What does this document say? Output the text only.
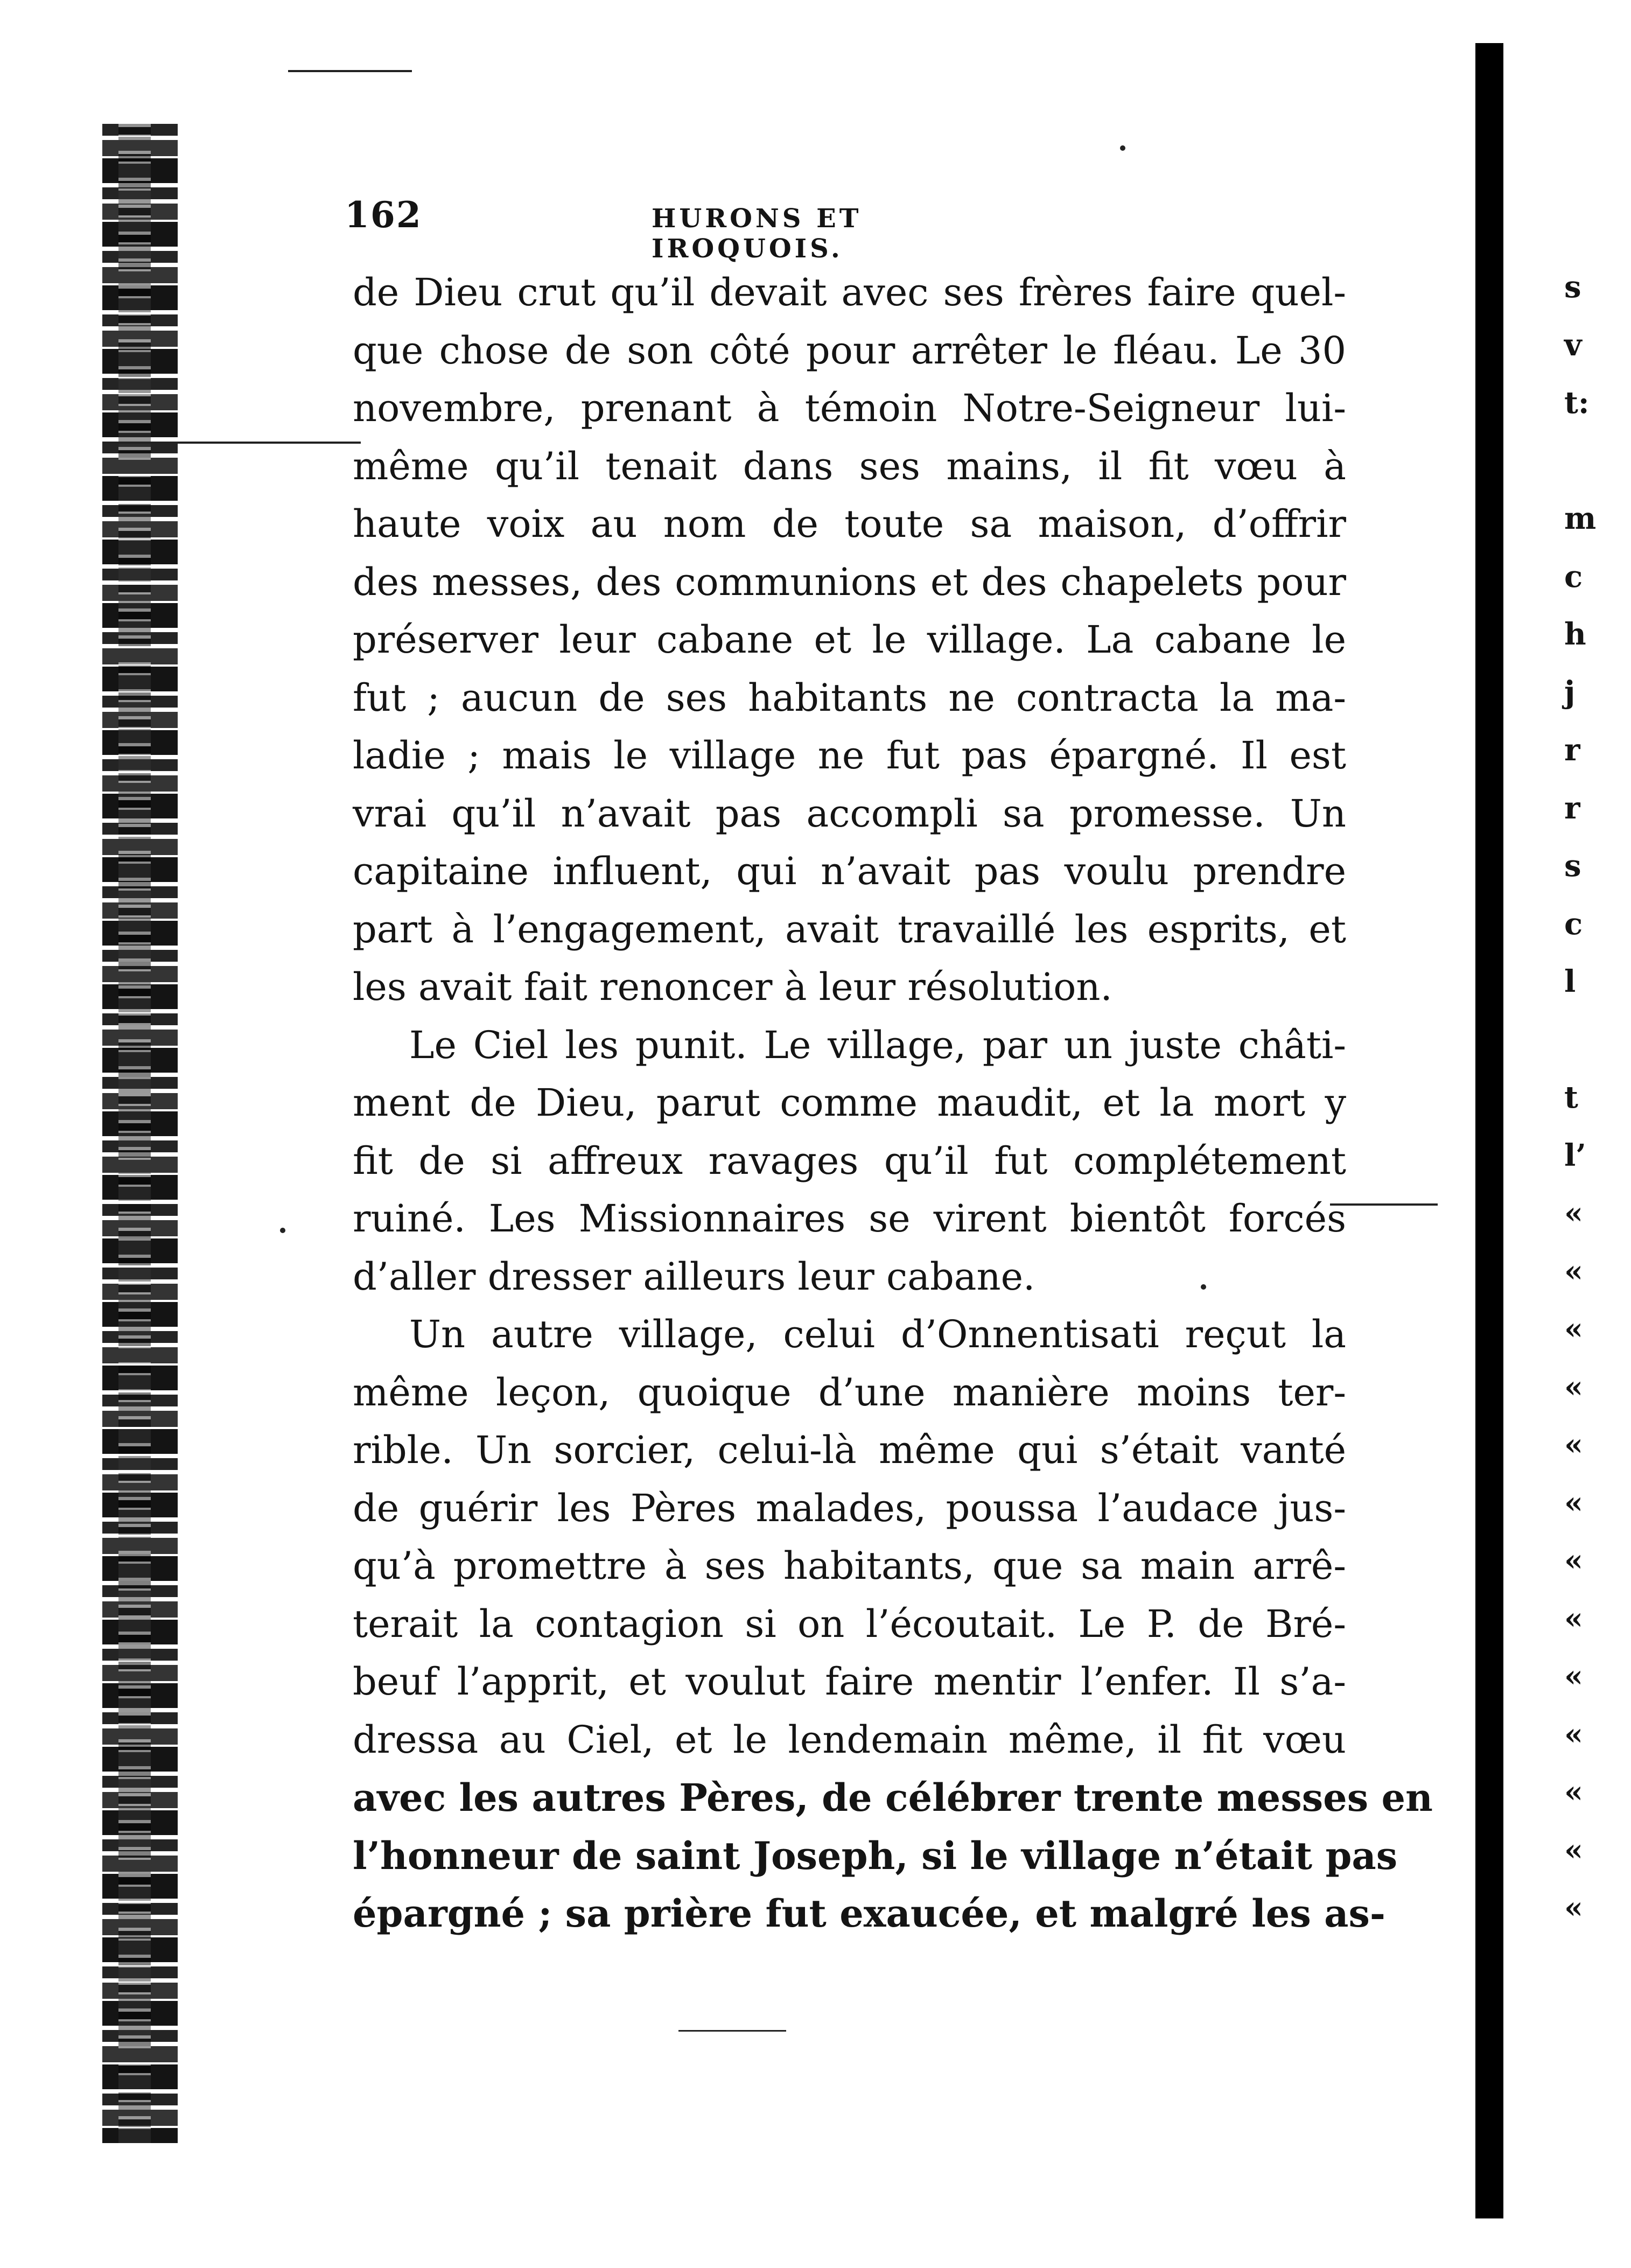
162	HURONS ET IROQUOIS.
de Dieu crut qu’il devait avec ses frères faire quel-
que chose de son côté pour arrêter le fléau. Le 30
novembre, prenant à témoin Notre-Seigneur lui-
même qu’il tenait dans ses mains, il fit vœu à
haute voix au nom de toute sa maison, d’offrir
des messes, des communions et des chapelets pour
préserver leur cabane et le village. La cabane le
fut ; aucun de ses habitants ne contracta la ma-
ladie ; mais le village ne fut pas épargné. Il est
vrai qu’il n’avait pas accompli sa promesse. Un
capitaine influent, qui n’avait pas voulu prendre
part à l’engagement, avait travaillé les esprits, et
les avait fait renoncer à leur résolution.
Le Ciel les punit. Le village, par un juste châti-
ment de Dieu, parut comme maudit, et la mort y
fit de si affreux ravages qu’il fut complétement
ruiné. Les Missionnaires se virent bientôt forcés
d’aller dresser ailleurs leur cabane.
Un autre village, celui d’Onnentisati reçut la
même leçon, quoique d’une manière moins ter-
rible. Un sorcier, celui-là même qui s’était vanté
de guérir les Pères malades, poussa l’audace jus-
qu’à promettre à ses habitants, que sa main arrê-
terait la contagion si on l’écoutait. Le P. de Bré-
beuf l’apprit, et voulut faire mentir l’enfer. Il s’a-
dressa au Ciel, et le lendemain même, il fit vœu
avec les autres Pères, de célébrer trente messes en
l’honneur de saint Joseph, si le village n’était pas
épargné ; sa prière fut exaucée, et malgré les as-
s
v
t:
m
c
h
j
r
r
s
c
l
t
l’
«
«
«
«
«
«
«
«
«
«
«
«
«
